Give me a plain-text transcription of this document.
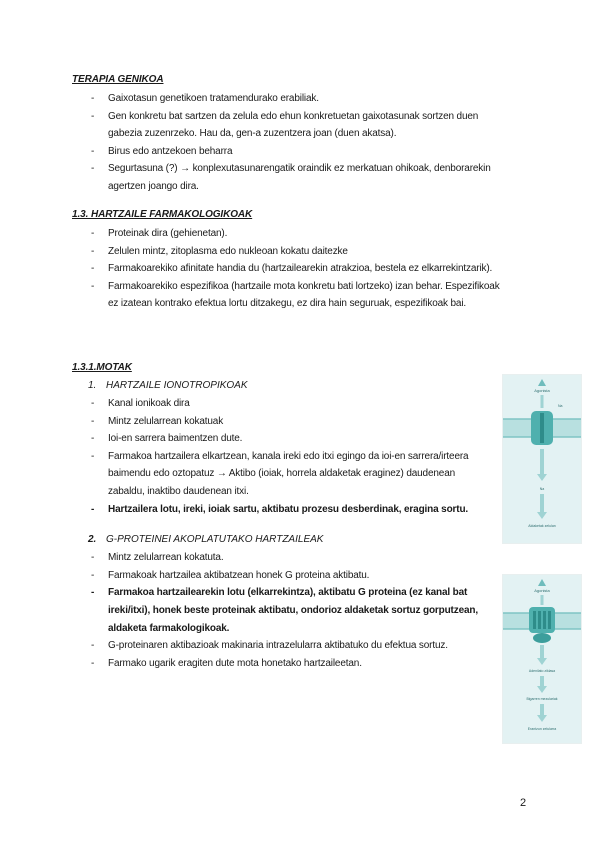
TERAPIA GENIKOA
- Gaixotasun genetikoen tratamendurako erabiliak.
- Gen konkretu bat sartzen da zelula edo ehun konkretuetan gaixotasunak sortzen duen gabezia zuzenrzeko. Hau da, gen-a zuzentzera joan (duen akatsa).
- Birus edo antzekoen beharra
- Segurtasuna (?) → konplexutasunarengatik oraindik ez merkatuan ohikoak, denborarekin agertzen joango dira.
1.3. HARTZAILE FARMAKOLOGIKOAK
- Proteinak dira (gehienetan).
- Zelulen mintz, zitoplasma edo nukleoan kokatu daitezke
- Farmakoarekiko afinitate handia du (hartzailearekin atrakzioa, bestela ez elkarrekintzarik).
- Farmakoarekiko espezifikoa (hartzaile mota konkretu bati lortzeko) izan behar. Espezifikoak ez izatean kontrako efektua lortu ditzakegu, ez dira hain seguruak, espezifikoak bai.
1.3.1.MOTAK
1. HARTZAILE IONOTROPIKOAK
- Kanal ionikoak dira
- Mintz zelularrean kokatuak
- Ioi-en sarrera baimentzen dute.
- Farmakoa hartzailera elkartzean, kanala ireki edo itxi egingo da ioi-en sarrera/irteera baimendu edo oztopatuz → Aktibo (ioiak, horrela aldaketak eraginez) daudenean zabaldu, inaktibo daudenean itxi.
- Hartzailera lotu, ireki, ioiak sartu, aktibatu prozesu desberdinak, eragina sortu.
2. G-PROTEINEI AKOPLATUTAKO HARTZAILEAK
- Mintz zelularrean kokatuta.
- Farmakoak hartzailea aktibatzean honek G proteina aktibatu.
- Farmakoa hartzailearekin lotu (elkarrekintza), aktibatu G proteina (ez kanal bat ireki/itxi), honek beste proteinak aktibatu, ondorioz aldaketak sortuz gorputzean, aldaketa farmakologikoak.
- G-proteinaren aktibazioak makinaria intrazelularra aktibatuko du efektua sortuz.
- Farmako ugarik eragiten dute mota honetako hartzaileetan.
Agonista
Na
Na
Aldaketak zelulan
Agonista
Adenilato ziklasa
Bigarren mezulariak
Erantzun zelularra
2
